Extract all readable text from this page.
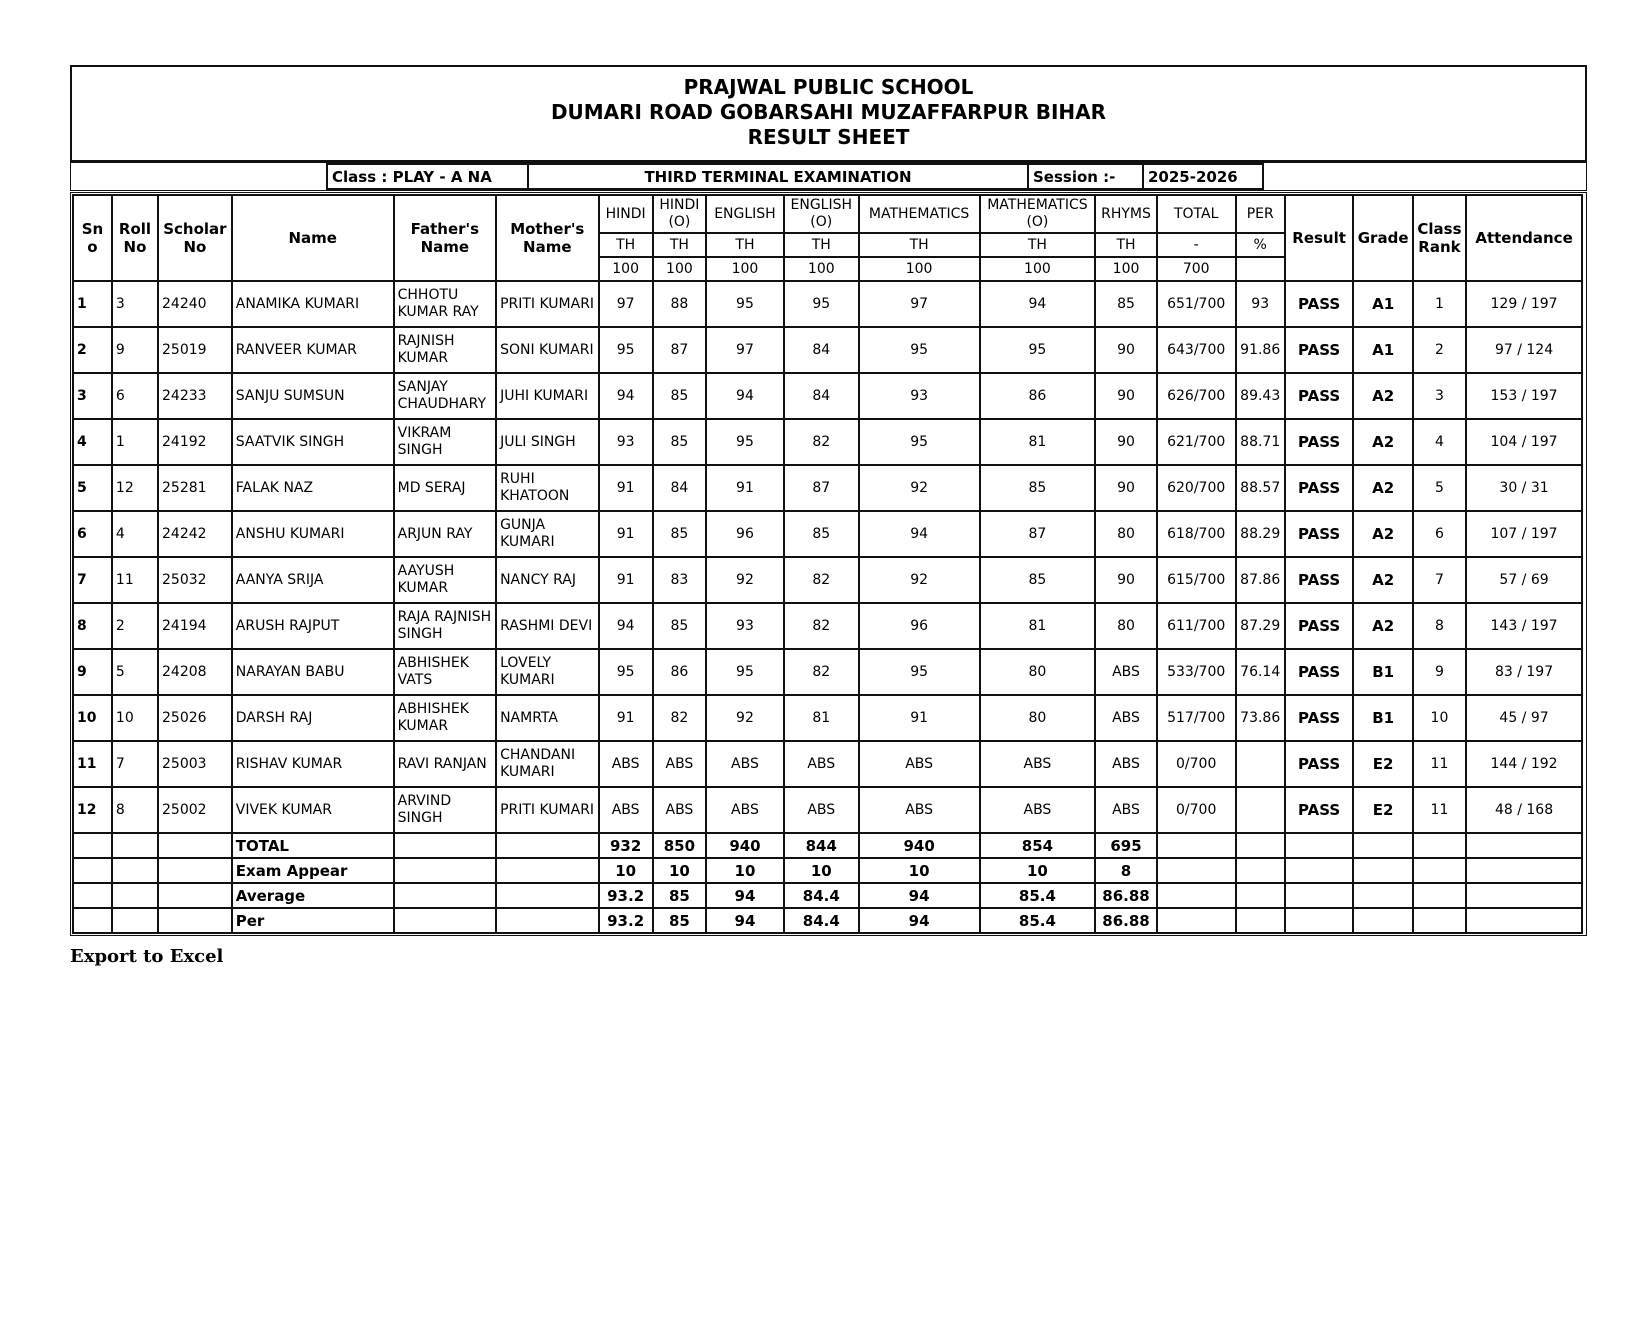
PRAJWAL PUBLIC SCHOOL
DUMARI ROAD GOBARSAHI MUZAFFARPUR BIHAR
RESULT SHEET
Class : PLAY - A NA	THIRD TERMINAL EXAMINATION	Session :-	2025-2026
Sno	Roll No	Scholar No	Name	Father's Name	Mother's Name	HINDI	HINDI (O)	ENGLISH	ENGLISH (O)	MATHEMATICS	MATHEMATICS (O)	RHYMS	TOTAL	PER	Result	Grade	Class Rank	Attendance
						TH	TH	TH	TH	TH	TH	TH	-	%				
						100	100	100	100	100	100	100	700					
1	3	24240	ANAMIKA KUMARI	CHHOTU KUMAR RAY	PRITI KUMARI	97	88	95	95	97	94	85	651/700	93	PASS	A1	1	129 / 197
2	9	25019	RANVEER KUMAR	RAJNISH KUMAR	SONI KUMARI	95	87	97	84	95	95	90	643/700	91.86	PASS	A1	2	97 / 124
3	6	24233	SANJU SUMSUN	SANJAY CHAUDHARY	JUHI KUMARI	94	85	94	84	93	86	90	626/700	89.43	PASS	A2	3	153 / 197
4	1	24192	SAATVIK SINGH	VIKRAM SINGH	JULI SINGH	93	85	95	82	95	81	90	621/700	88.71	PASS	A2	4	104 / 197
5	12	25281	FALAK NAZ	MD SERAJ	RUHI KHATOON	91	84	91	87	92	85	90	620/700	88.57	PASS	A2	5	30 / 31
6	4	24242	ANSHU KUMARI	ARJUN RAY	GUNJA KUMARI	91	85	96	85	94	87	80	618/700	88.29	PASS	A2	6	107 / 197
7	11	25032	AANYA SRIJA	AAYUSH KUMAR	NANCY RAJ	91	83	92	82	92	85	90	615/700	87.86	PASS	A2	7	57 / 69
8	2	24194	ARUSH RAJPUT	RAJA RAJNISH SINGH	RASHMI DEVI	94	85	93	82	96	81	80	611/700	87.29	PASS	A2	8	143 / 197
9	5	24208	NARAYAN BABU	ABHISHEK VATS	LOVELY KUMARI	95	86	95	82	95	80	ABS	533/700	76.14	PASS	B1	9	83 / 197
10	10	25026	DARSH RAJ	ABHISHEK KUMAR	NAMRTA	91	82	92	81	91	80	ABS	517/700	73.86	PASS	B1	10	45 / 97
11	7	25003	RISHAV KUMAR	RAVI RANJAN	CHANDANI KUMARI	ABS	ABS	ABS	ABS	ABS	ABS	ABS	0/700		PASS	E2	11	144 / 192
12	8	25002	VIVEK KUMAR	ARVIND SINGH	PRITI KUMARI	ABS	ABS	ABS	ABS	ABS	ABS	ABS	0/700		PASS	E2	11	48 / 168
			TOTAL			932	850	940	844	940	854	695						
			Exam Appear			10	10	10	10	10	10	8						
			Average			93.2	85	94	84.4	94	85.4	86.88						
			Per			93.2	85	94	84.4	94	85.4	86.88						
Export to Excel
